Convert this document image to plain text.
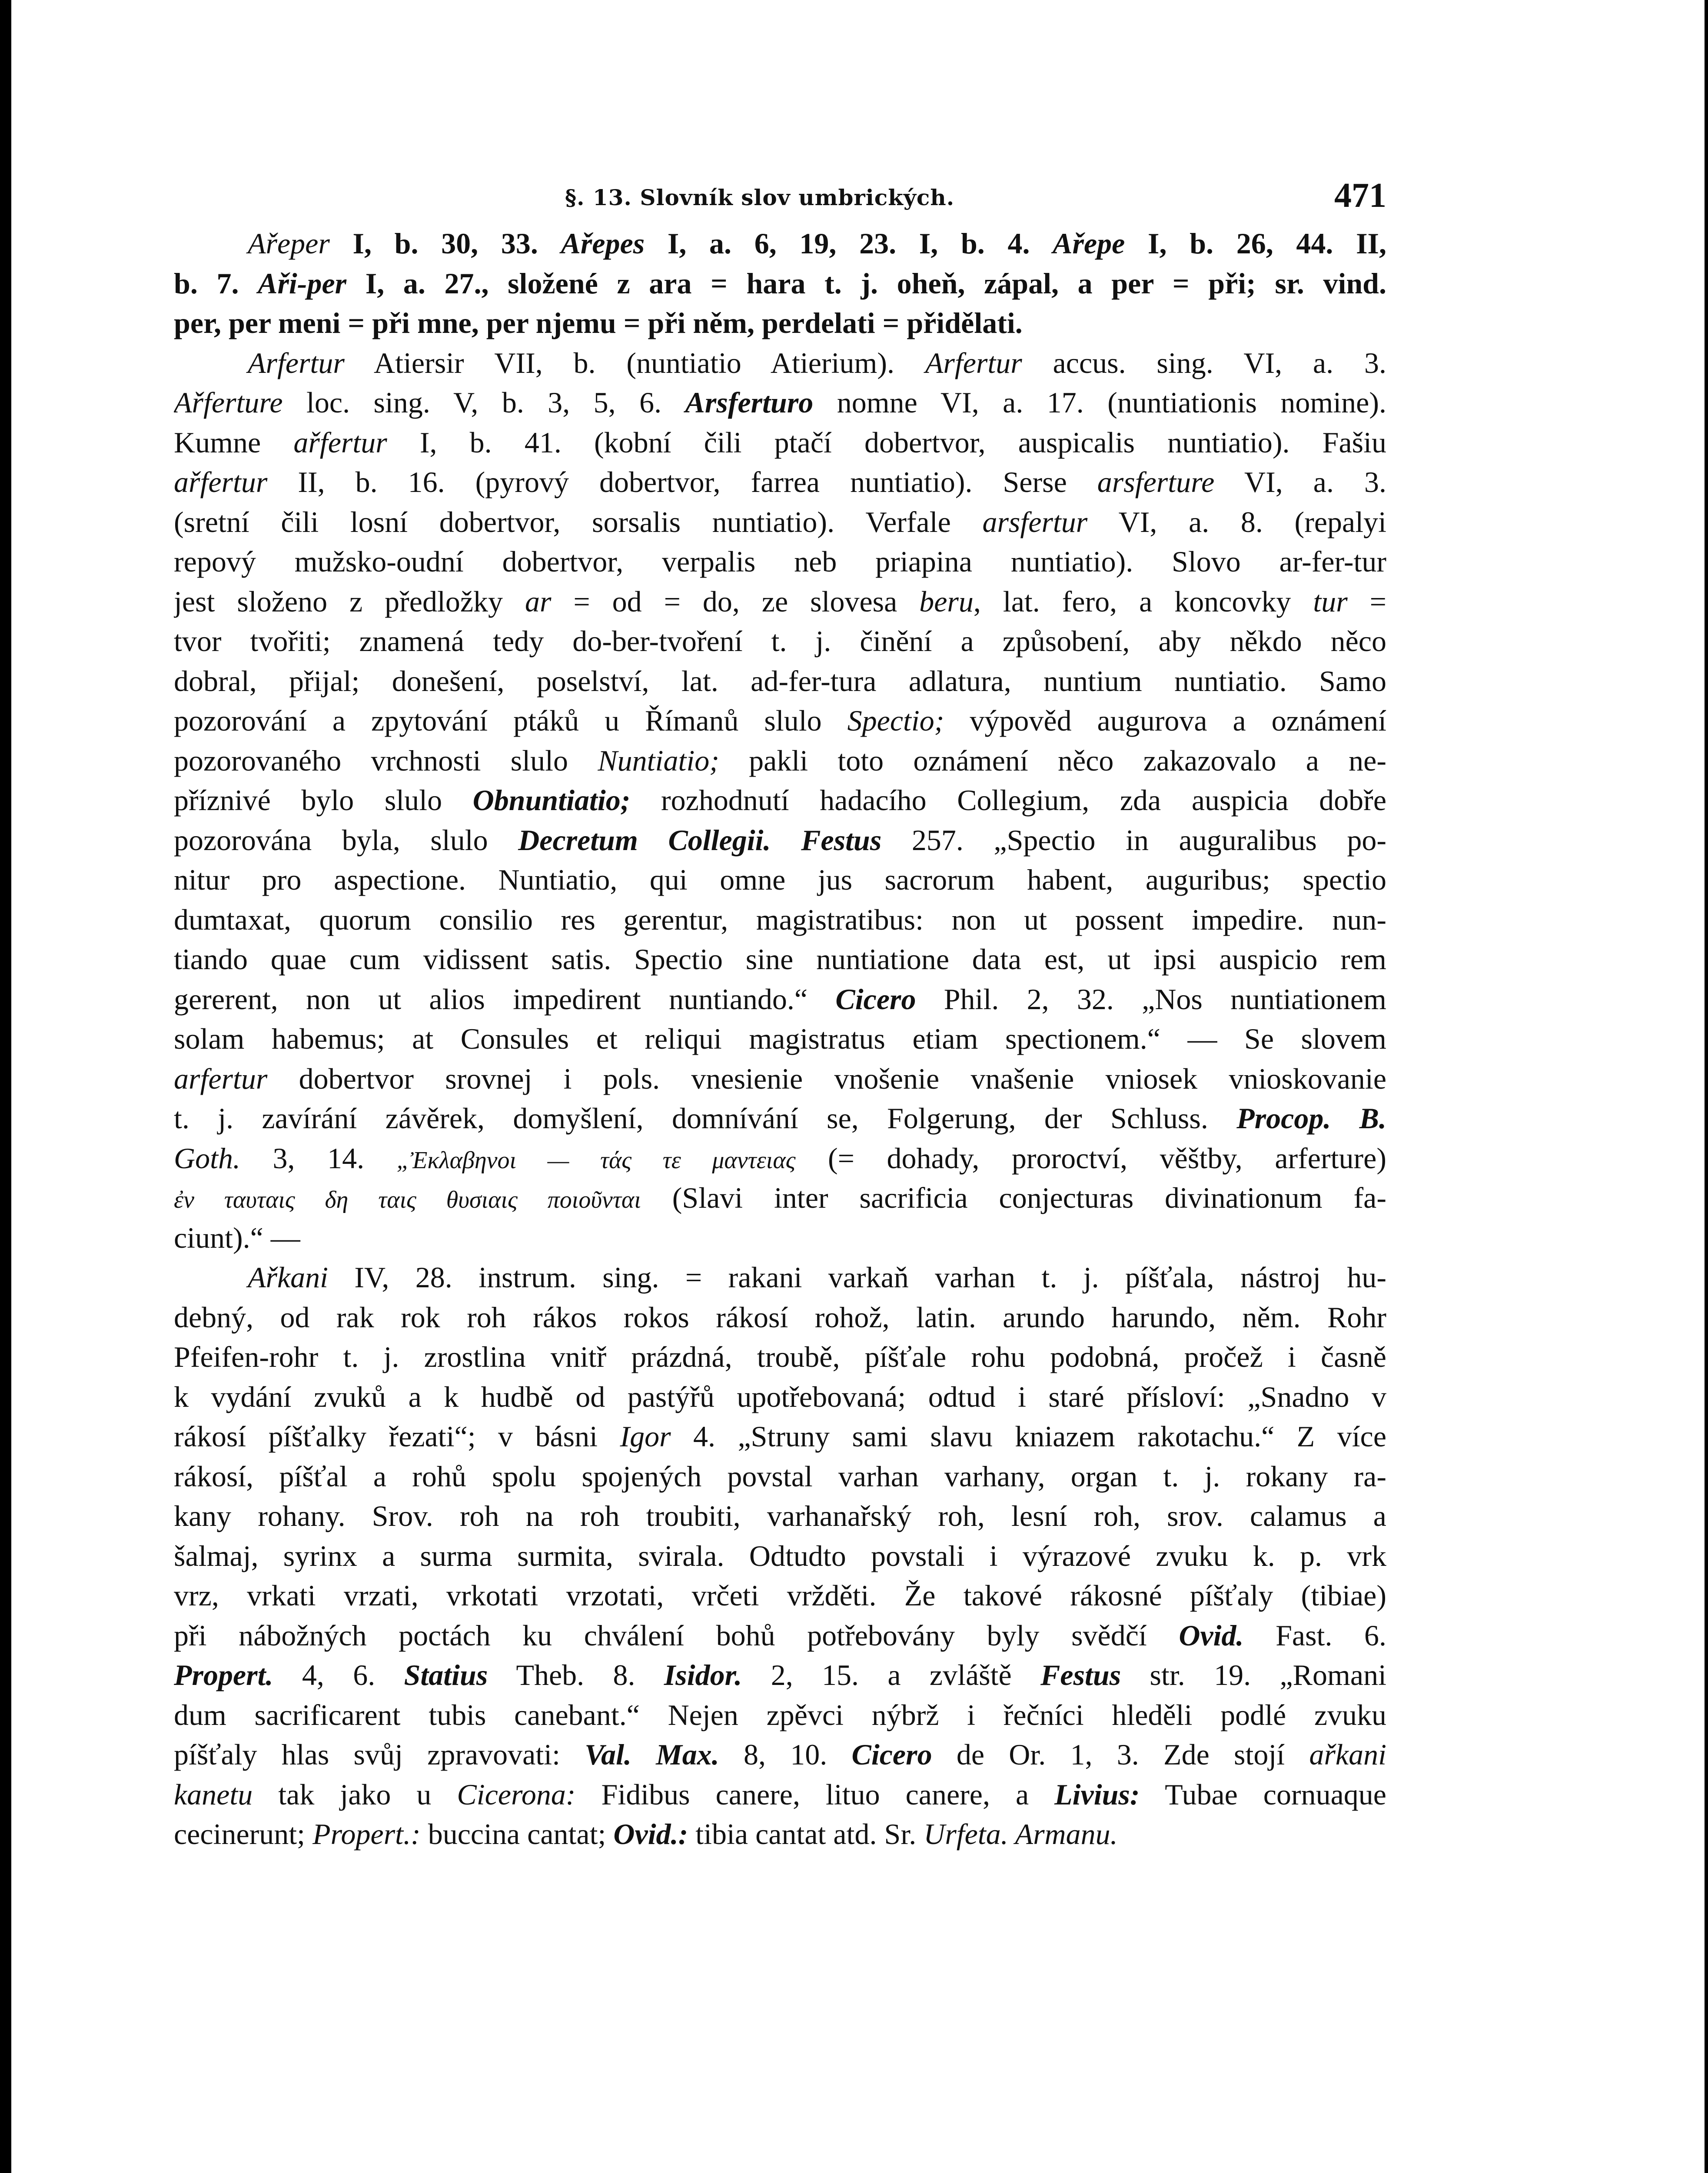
§. 13. Slovník slov umbrických.	471
Ařeper I, b. 30, 33. Ařepes I, a. 6, 19, 23. I, b. 4. Ařepe I, b. 26, 44. II,
b. 7. Aři-per I, a. 27., složené z ara = hara t. j. oheň, zápal, a per = při; sr. vind.
per, per meni = při mne, per njemu = při něm, perdelati = přidělati.
Arfertur Atiersir VII, b. (nuntiatio Atierium). Arfertur accus. sing. VI, a. 3.
Ařferture loc. sing. V, b. 3, 5, 6. Arsferturo nomne VI, a. 17. (nuntiationis nomine).
Kumne ařfertur I, b. 41. (kobní čili ptačí dobertvor, auspicalis nuntiatio). Fašiu
ařfertur II, b. 16. (pyrový dobertvor, farrea nuntiatio). Serse arsferture VI, a. 3.
(sretní čili losní dobertvor, sorsalis nuntiatio). Verfale arsfertur VI, a. 8. (repalyi
repový mužsko-oudní dobertvor, verpalis neb priapina nuntiatio). Slovo ar-fer-tur
jest složeno z předložky ar = od = do, ze slovesa beru, lat. fero, a koncovky tur =
tvor tvořiti; znamená tedy do-ber-tvoření t. j. činění a způsobení, aby někdo něco
dobral, přijal; donešení, poselství, lat. ad-fer-tura adlatura, nuntium nuntiatio. Samo
pozorování a zpytování ptáků u Římanů slulo Spectio; výpověd augurova a oznámení
pozorovaného vrchnosti slulo Nuntiatio; pakli toto oznámení něco zakazovalo a ne-
příznivé bylo slulo Obnuntiatio; rozhodnutí hadacího Collegium, zda auspicia dobře
pozorována byla, slulo Decretum Collegii. Festus 257. „Spectio in auguralibus po-
nitur pro aspectione. Nuntiatio, qui omne jus sacrorum habent, auguribus; spectio
dumtaxat, quorum consilio res gerentur, magistratibus: non ut possent impedire. nun-
tiando quae cum vidissent satis. Spectio sine nuntiatione data est, ut ipsi auspicio rem
gererent, non ut alios impedirent nuntiando.“ Cicero Phil. 2, 32. „Nos nuntiationem
solam habemus; at Consules et reliqui magistratus etiam spectionem.“ — Se slovem
arfertur dobertvor srovnej i pols. vnesienie vnošenie vnašenie vniosek vnioskovanie
t. j. zavírání závěrek, domyšlení, domnívání se, Folgerung, der Schluss. Procop. B.
Goth. 3, 14. „Ἐκλαβηνοι — τάς τε μαντειας (= dohady, proroctví, věštby, arferture)
ἐν ταυταις δη ταις θυσιαις ποιοῦνται (Slavi inter sacrificia conjecturas divinationum fa-
ciunt).“ —
Ařkani IV, 28. instrum. sing. = rakani varkaň varhan t. j. píšťala, nástroj hu-
debný, od rak rok roh rákos rokos rákosí rohož, latin. arundo harundo, něm. Rohr
Pfeifen-rohr t. j. zrostlina vnitř prázdná, troubě, píšťale rohu podobná, pročež i časně
k vydání zvuků a k hudbě od pastýřů upotřebovaná; odtud i staré přísloví: „Snadno v
rákosí píšťalky řezati“; v básni Igor 4. „Struny sami slavu kniazem rakotachu.“ Z více
rákosí, píšťal a rohů spolu spojených povstal varhan varhany, organ t. j. rokany ra-
kany rohany. Srov. roh na roh troubiti, varhanařský roh, lesní roh, srov. calamus a
šalmaj, syrinx a surma surmita, svirala. Odtudto povstali i výrazové zvuku k. p. vrk
vrz, vrkati vrzati, vrkotati vrzotati, vrčeti vržděti. Že takové rákosné píšťaly (tibiae)
při nábožných poctách ku chválení bohů potřebovány byly svědčí Ovid. Fast. 6.
Propert. 4, 6. Statius Theb. 8. Isidor. 2, 15. a zvláště Festus str. 19. „Romani
dum sacrificarent tubis canebant.“ Nejen zpěvci nýbrž i řečníci hleděli podlé zvuku
píšťaly hlas svůj zpravovati: Val. Max. 8, 10. Cicero de Or. 1, 3. Zde stojí ařkani
kanetu tak jako u Cicerona: Fidibus canere, lituo canere, a Livius: Tubae cornuaque
cecinerunt; Propert.: buccina cantat; Ovid.: tibia cantat atd. Sr. Urfeta. Armanu.
